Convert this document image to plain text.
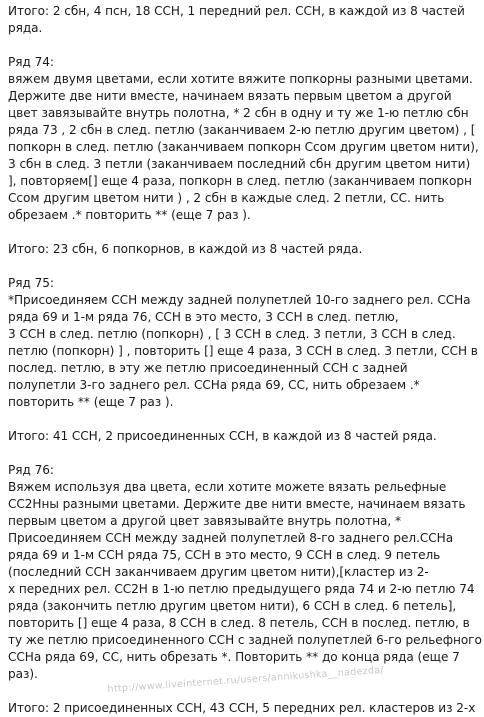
Итого: 2 сбн, 4 псн, 18 ССН, 1 передний рел. ССН, в каждой из 8 частей
ряда.
Ряд 74:
вяжем двумя цветами, если хотите вяжите попкорны разными цветами.
Держите две нити вместе, начинаем вязать первым цветом а другой
цвет завязывайте внутрь полотна, * 2 сбн в одну и ту же 1-ю петлю сбн
ряда 73 , 2 сбн в след. петлю (заканчиваем 2-ю петлю другим цветом) , [
попкорн в след. петлю (заканчиваем попкорн Ссом другим цветом нити),
3 сбн в след. 3 петли (заканчиваем последний сбн другим цветом нити)
], повторяем[] еще 4 раза, попкорн в след. петлю (заканчиваем попкорн
Ссом другим цветом нити ) , 2 сбн в каждые след. 2 петли, СС. нить
обрезаем .* повторить ** (еще 7 раз ).
Итого: 23 сбн, 6 попкорнов, в каждой из 8 частей ряда.
Ряд 75:
*Присоединяем ССН между задней полупетлей 10-го заднего рел. ССНа
ряда 69 и 1-м ряда 76, ССН в это место, 3 ССН в след. петлю,
3 ССН в след. петлю (попкорн) , [ 3 ССН в след. 3 петли, 3 ССН в след.
петлю (попкорн) ] , повторить [] еще 4 раза, 3 ССН в след. 3 петли, ССН в
послед. петлю, в эту же петлю присоединенный ССН с задней
полупетли 3-го заднего рел. ССНа ряда 69, СС, нить обрезаем .*
повторить ** (еще 7 раз ).
Итого: 41 ССН, 2 присоединенных ССН, в каждой из 8 частей ряда.
Ряд 76:
Вяжем используя два цвета, если хотите можете вязать рельефные
СС2Нны разными цветами. Держите две нити вместе, начинаем вязать
первым цветом а другой цвет завязывайте внутрь полотна, *
Присоединяем ССН между задней полупетлей 8-го заднего рел.ССНа
ряда 69 и 1-м ССН ряда 75, ССН в это место, 9 ССН в след. 9 петель
(последний ССН заканчиваем другим цветом нити),[кластер из 2-
х передних рел. СС2Н в 1-ю петлю предыдущего ряда 74 и 2-ю петлю 74
ряда (закончить петлю другим цветом нити), 6 ССН в след. 6 петель],
повторить [] еще 4 раза, 8 ССН в след. 8 петель, ССН в послед. петлю, в
ту же петлю присоединенного ССН с задней полупетлей 6-го рельефного
ССНа ряда 69, СС, нить обрезать *. Повторить ** до конца ряда (еще 7
раз).
Итого: 2 присоединенных ССН, 43 ССН, 5 передних рел. кластеров из 2-х
http://www.liveinternet.ru/users/annikushka__nadezda/
